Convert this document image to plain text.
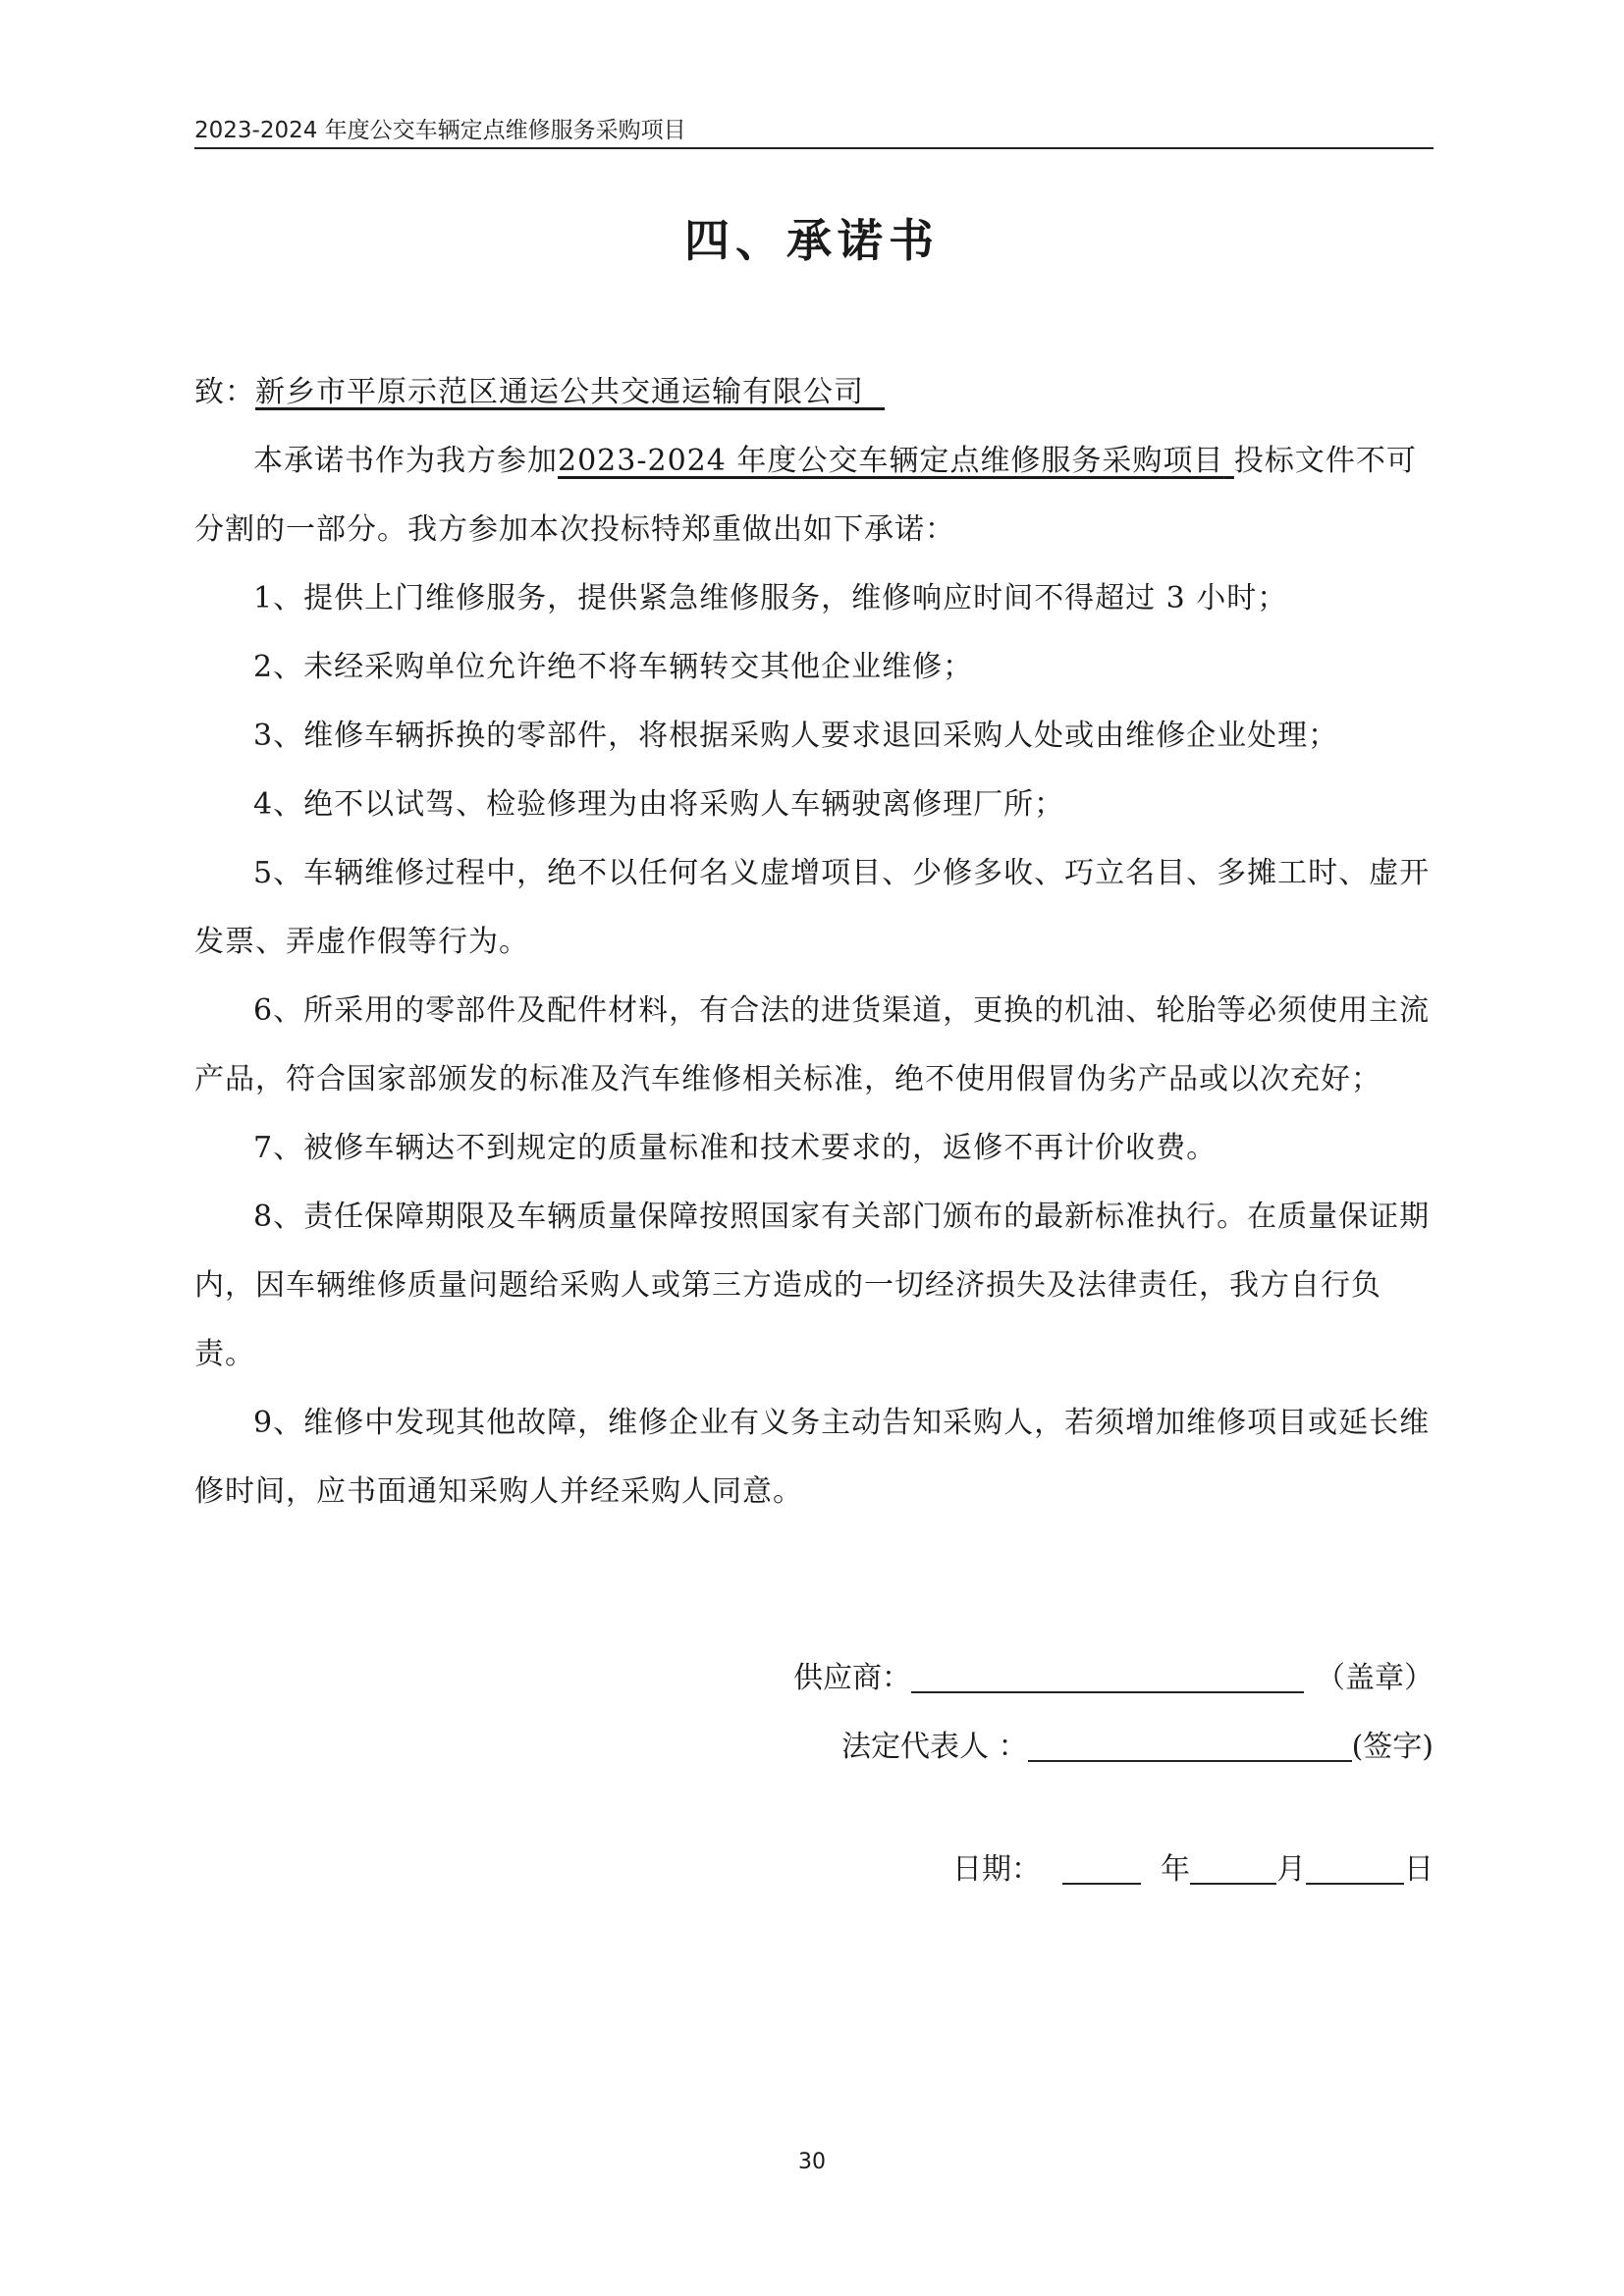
2023-2024 年度公交车辆定点维修服务采购项目
四、承诺书

致：新乡市平原示范区通运公共交通运输有限公司

本承诺书作为我方参加2023-2024 年度公交车辆定点维修服务采购项目 投标文件不可分割的一部分。我方参加本次投标特郑重做出如下承诺：

1、提供上门维修服务，提供紧急维修服务，维修响应时间不得超过 3 小时；

2、未经采购单位允许绝不将车辆转交其他企业维修；

3、维修车辆拆换的零部件，将根据采购人要求退回采购人处或由维修企业处理；

4、绝不以试驾、检验修理为由将采购人车辆驶离修理厂所；

5、车辆维修过程中，绝不以任何名义虚增项目、少修多收、巧立名目、多摊工时、虚开发票、弄虚作假等行为。

6、所采用的零部件及配件材料，有合法的进货渠道，更换的机油、轮胎等必须使用主流产品，符合国家部颁发的标准及汽车维修相关标准，绝不使用假冒伪劣产品或以次充好；

7、被修车辆达不到规定的质量标准和技术要求的，返修不再计价收费。

8、责任保障期限及车辆质量保障按照国家有关部门颁布的最新标准执行。在质量保证期内，因车辆维修质量问题给采购人或第三方造成的一切经济损失及法律责任，我方自行负责。

9、维修中发现其他故障，维修企业有义务主动告知采购人，若须增加维修项目或延长维修时间，应书面通知采购人并经采购人同意。

供应商：	（盖章）
法定代表人 ：	(签字)
日期：	年	月	日
30
